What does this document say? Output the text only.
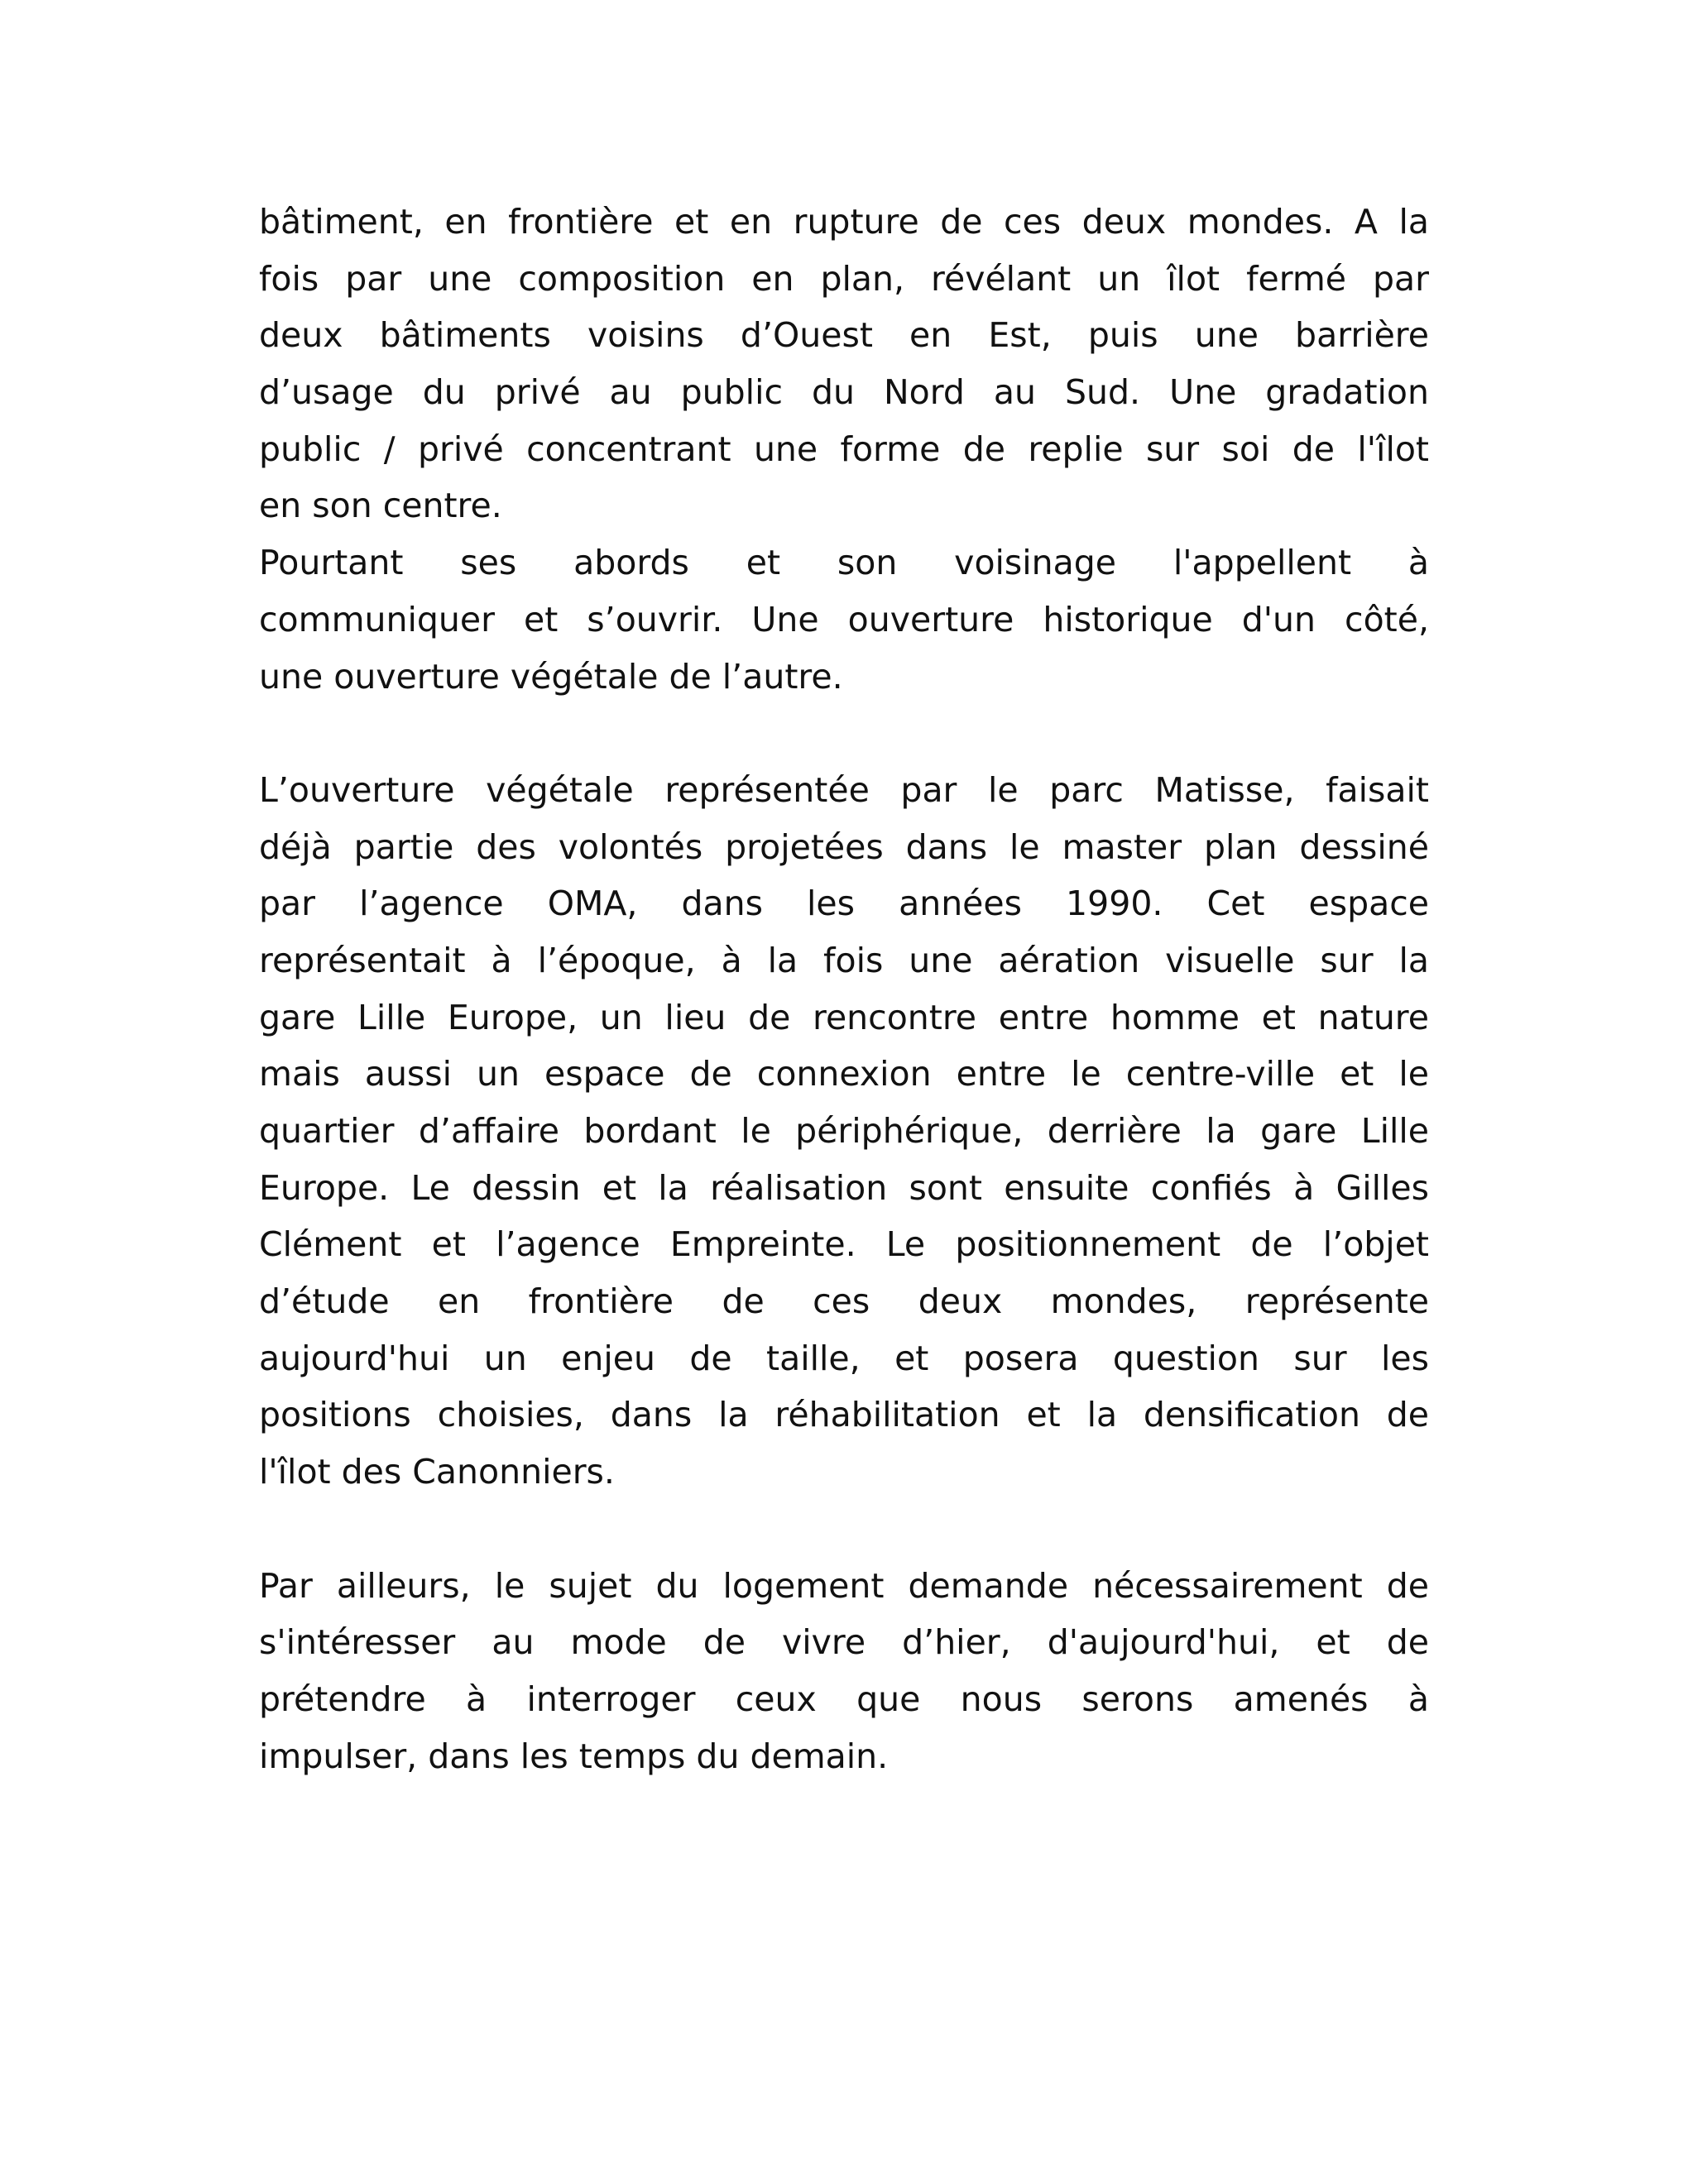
bâtiment, en frontière et en rupture de ces deux mondes. A la
fois par une composition en plan, révélant un îlot fermé par
deux bâtiments voisins d’Ouest en Est, puis une barrière
d’usage du privé au public du Nord au Sud. Une gradation
public / privé concentrant une forme de replie sur soi de l'îlot
en son centre.
Pourtant ses abords et son voisinage l'appellent à
communiquer et s’ouvrir. Une ouverture historique d'un côté,
une ouverture végétale de l’autre.
L’ouverture végétale représentée par le parc Matisse, faisait
déjà partie des volontés projetées dans le master plan dessiné
par l’agence OMA, dans les années 1990. Cet espace
représentait à l’époque, à la fois une aération visuelle sur la
gare Lille Europe, un lieu de rencontre entre homme et nature
mais aussi un espace de connexion entre le centre-ville et le
quartier d’affaire bordant le périphérique, derrière la gare Lille
Europe. Le dessin et la réalisation sont ensuite confiés à Gilles
Clément et l’agence Empreinte. Le positionnement de l’objet
d’étude en frontière de ces deux mondes, représente
aujourd'hui un enjeu de taille, et posera question sur les
positions choisies, dans la réhabilitation et la densification de
l'îlot des Canonniers.
Par ailleurs, le sujet du logement demande nécessairement de
s'intéresser au mode de vivre d’hier, d'aujourd'hui, et de
prétendre à interroger ceux que nous serons amenés à
impulser, dans les temps du demain.
